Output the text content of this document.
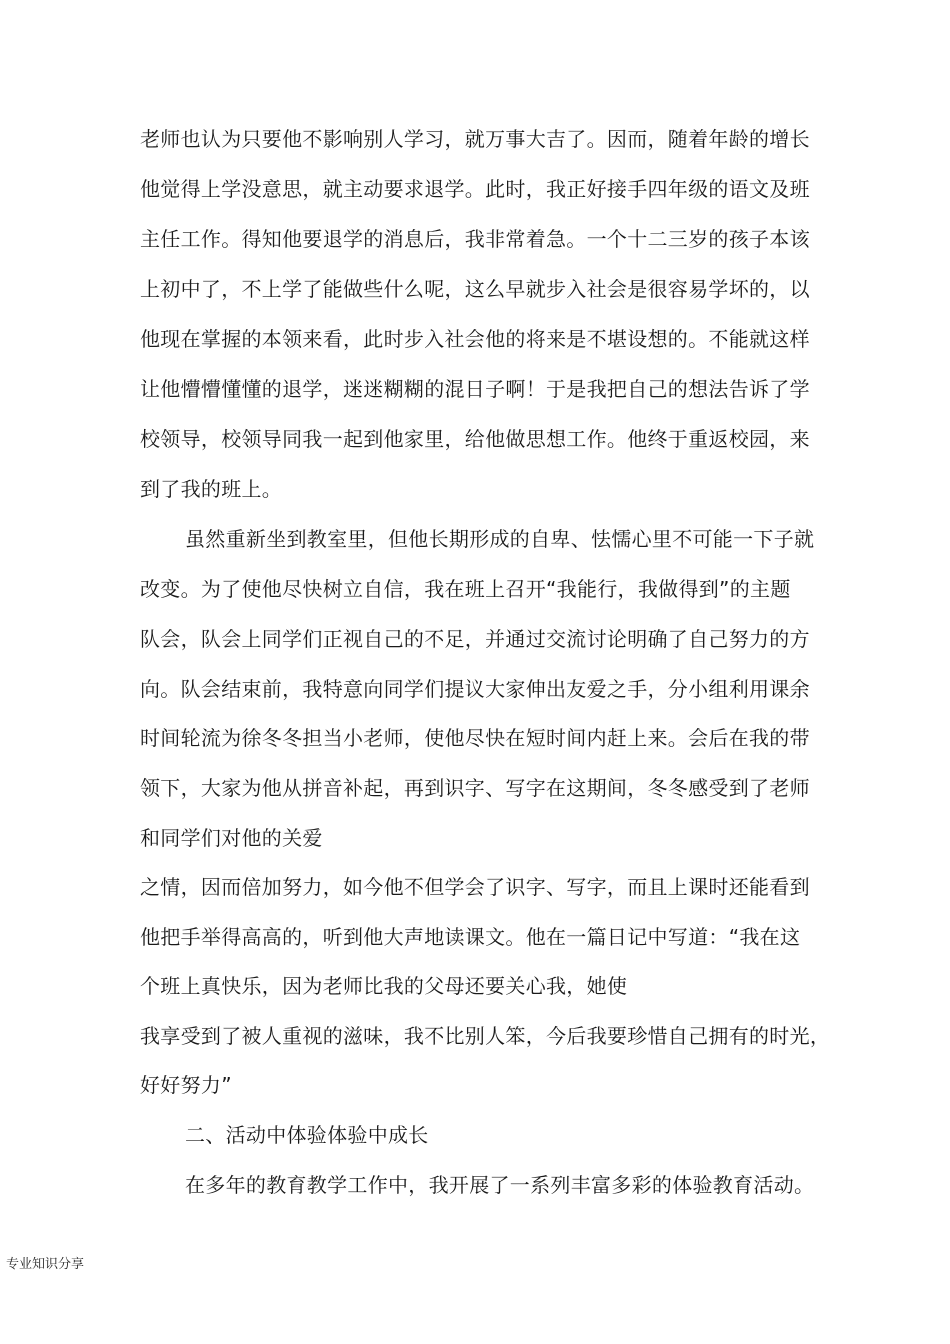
老师也认为只要他不影响别人学习，就万事大吉了。因而，随着年龄的增长
他觉得上学没意思，就主动要求退学。此时，我正好接手四年级的语文及班
主任工作。得知他要退学的消息后，我非常着急。一个十二三岁的孩子本该
上初中了，不上学了能做些什么呢，这么早就步入社会是很容易学坏的，以
他现在掌握的本领来看，此时步入社会他的将来是不堪设想的。不能就这样
让他懵懵懂懂的退学，迷迷糊糊的混日子啊！于是我把自己的想法告诉了学
校领导，校领导同我一起到他家里，给他做思想工作。他终于重返校园，来
到了我的班上。
虽然重新坐到教室里，但他长期形成的自卑、怯懦心里不可能一下子就
改变。为了使他尽快树立自信，我在班上召开“我能行，我做得到”的主题
队会，队会上同学们正视自己的不足，并通过交流讨论明确了自己努力的方
向。队会结束前，我特意向同学们提议大家伸出友爱之手，分小组利用课余
时间轮流为徐冬冬担当小老师，使他尽快在短时间内赶上来。会后在我的带
领下，大家为他从拼音补起，再到识字、写字在这期间，冬冬感受到了老师
和同学们对他的关爱
之情，因而倍加努力，如今他不但学会了识字、写字，而且上课时还能看到
他把手举得高高的，听到他大声地读课文。他在一篇日记中写道：“我在这
个班上真快乐，因为老师比我的父母还要关心我，她使
我享受到了被人重视的滋味，我不比别人笨，今后我要珍惜自己拥有的时光，
好好努力”
二、活动中体验体验中成长
在多年的教育教学工作中，我开展了一系列丰富多彩的体验教育活动。
专业知识分享
